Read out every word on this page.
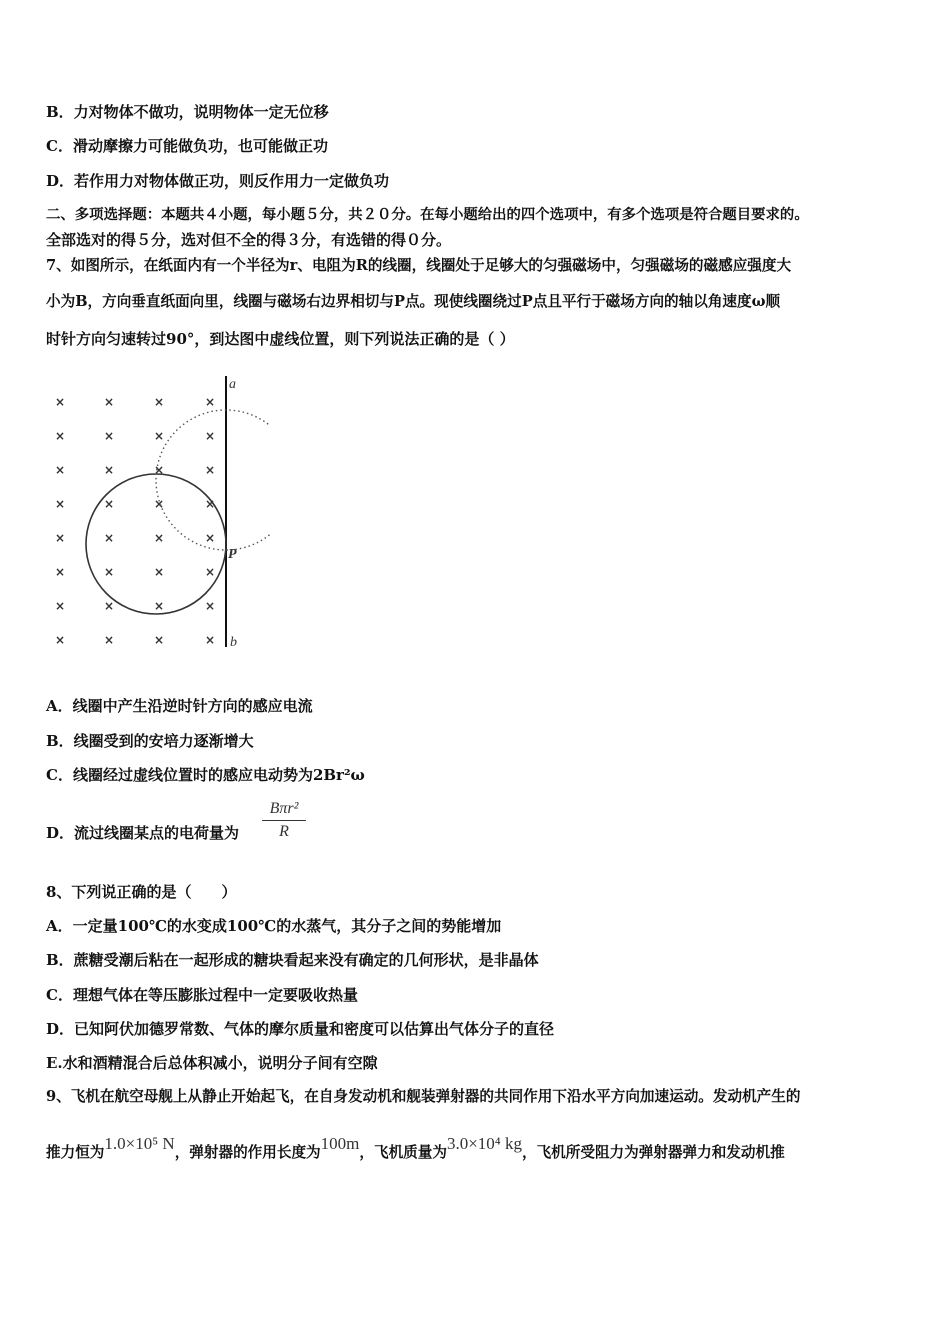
B．力对物体不做功，说明物体一定无位移
C．滑动摩擦力可能做负功，也可能做正功
D．若作用力对物体做正功，则反作用力一定做负功
二、多项选择题：本题共４小题，每小题５分，共２０分。在每小题给出的四个选项中，有多个选项是符合题目要求的。
全部选对的得５分，选对但不全的得３分，有选错的得０分。
7、如图所示，在纸面内有一个半径为r、电阻为R的线圈，线圈处于足够大的匀强磁场中，匀强磁场的磁感应强度大
小为B，方向垂直纸面向里，线圈与磁场右边界相切与P点。现使线圈绕过P点且平行于磁场方向的轴以角速度ω顺
时针方向匀速转过90°，到达图中虚线位置，则下列说法正确的是（ ）
×	×	×	×
×	×	×	×
×	×	×	×
×	×	×	×
×	×	×	×
×	×	×	×
×	×	×	×
×	×	×	×
a
b
P
A．线圈中产生沿逆时针方向的感应电流
B．线圈受到的安培力逐渐增大
C．线圈经过虚线位置时的感应电动势为2Br²ω
D．流过线圈某点的电荷量为
Bπr²
R
8、下列说正确的是（　　）
A．一定量100℃的水变成100℃的水蒸气，其分子之间的势能增加
B．蔗糖受潮后粘在一起形成的糖块看起来没有确定的几何形状，是非晶体
C．理想气体在等压膨胀过程中一定要吸收热量
D．已知阿伏加德罗常数、气体的摩尔质量和密度可以估算出气体分子的直径
E.水和酒精混合后总体积减小，说明分子间有空隙
9、飞机在航空母舰上从静止开始起飞，在自身发动机和舰装弹射器的共同作用下沿水平方向加速运动。发动机产生的
推力恒为1.0×10⁵ N，弹射器的作用长度为100m，飞机质量为3.0×10⁴ kg，飞机所受阻力为弹射器弹力和发动机推
